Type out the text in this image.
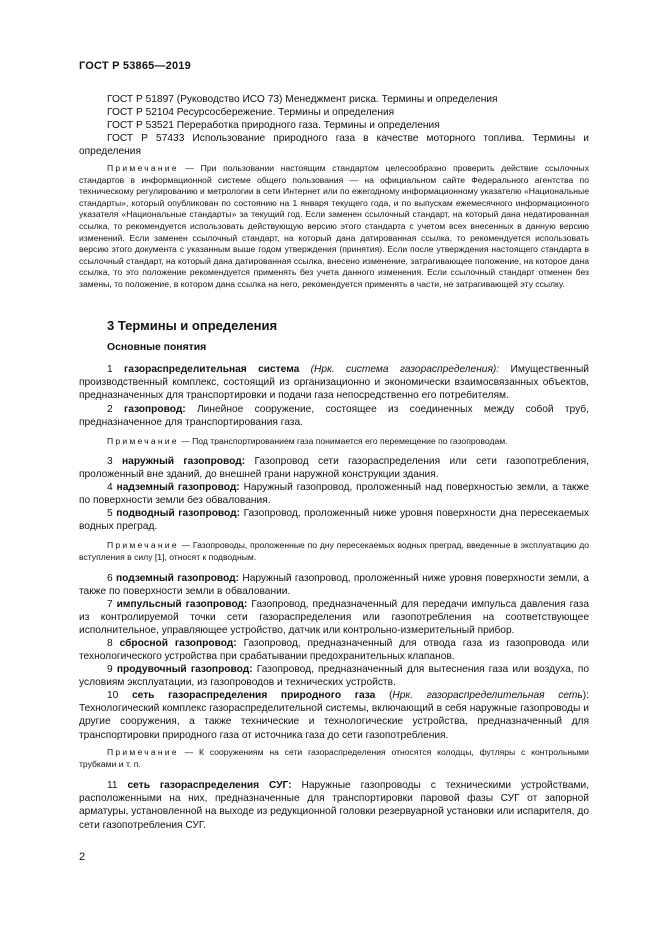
ГОСТ Р 53865—2019

ГОСТ Р 51897 (Руководство ИСО 73) Менеджмент риска. Термины и определения

ГОСТ Р 52104 Ресурсосбережение. Термины и определения

ГОСТ Р 53521 Переработка природного газа. Термины и определения

ГОСТ Р 57433 Использование природного газа в качестве моторного топлива. Термины и определения

Примечание — При пользовании настоящим стандартом целесообразно проверить действие ссылочных стандартов в информационной системе общего пользования — на официальном сайте Федерального агентства по техническому регулированию и метрологии в сети Интернет или по ежегодному информационному указателю «Национальные стандарты», который опубликован по состоянию на 1 января текущего года, и по выпускам ежемесячного информационного указателя «Национальные стандарты» за текущий год. Если заменен ссылочный стандарт, на который дана недатированная ссылка, то рекомендуется использовать действующую версию этого стандарта с учетом всех внесенных в данную версию изменений. Если заменен ссылочный стандарт, на который дана датированная ссылка, то рекомендуется использовать версию этого документа с указанным выше годом утверждения (принятия). Если после утверждения настоящего стандарта в ссылочный стандарт, на который дана датированная ссылка, внесено изменение, затрагивающее положение, на которое дана ссылка, то это положение рекомендуется применять без учета данного изменения. Если ссылочный стандарт отменен без замены, то положение, в котором дана ссылка на него, рекомендуется применять в части, не затрагивающей эту ссылку.

3 Термины и определения

Основные понятия

1 газораспределительная система (Нрк. система газораспределения): Имущественный производственный комплекс, состоящий из организационно и экономически взаимосвязанных объектов, предназначенных для транспортировки и подачи газа непосредственно его потребителям.

2 газопровод: Линейное сооружение, состоящее из соединенных между собой труб, предназначенное для транспортирования газа.

Примечание — Под транспортированием газа понимается его перемещение по газопроводам.

3 наружный газопровод: Газопровод сети газораспределения или сети газопотребления, проложенный вне зданий, до внешней грани наружной конструкции здания.

4 надземный газопровод: Наружный газопровод, проложенный над поверхностью земли, а также по поверхности земли без обвалования.

5 подводный газопровод: Газопровод, проложенный ниже уровня поверхности дна пересекаемых водных преград.

Примечание — Газопроводы, проложенные по дну пересекаемых водных преград, введенные в эксплуатацию до вступления в силу [1], относят к подводным.

6 подземный газопровод: Наружный газопровод, проложенный ниже уровня поверхности земли, а также по поверхности земли в обваловании.

7 импульсный газопровод: Газопровод, предназначенный для передачи импульса давления газа из контролируемой точки сети газораспределения или газопотребления на соответствующее исполнительное, управляющее устройство, датчик или контрольно-измерительный прибор.

8 сбросной газопровод: Газопровод, предназначенный для отвода газа из газопровода или технологического устройства при срабатывании предохранительных клапанов.

9 продувочный газопровод: Газопровод, предназначенный для вытеснения газа или воздуха, по условиям эксплуатации, из газопроводов и технических устройств.

10 сеть газораспределения природного газа (Нрк. газораспределительная сеть): Технологический комплекс газораспределительной системы, включающий в себя наружные газопроводы и другие сооружения, а также технические и технологические устройства, предназначенный для транспортировки природного газа от источника газа до сети газопотребления.

Примечание — К сооружениям на сети газораспределения относятся колодцы, футляры с контрольными трубками и т. п.

11 сеть газораспределения СУГ: Наружные газопроводы с техническими устройствами, расположенными на них, предназначенные для транспортировки паровой фазы СУГ от запорной арматуры, установленной на выходе из редукционной головки резервуарной установки или испарителя, до сети газопотребления СУГ.

2
